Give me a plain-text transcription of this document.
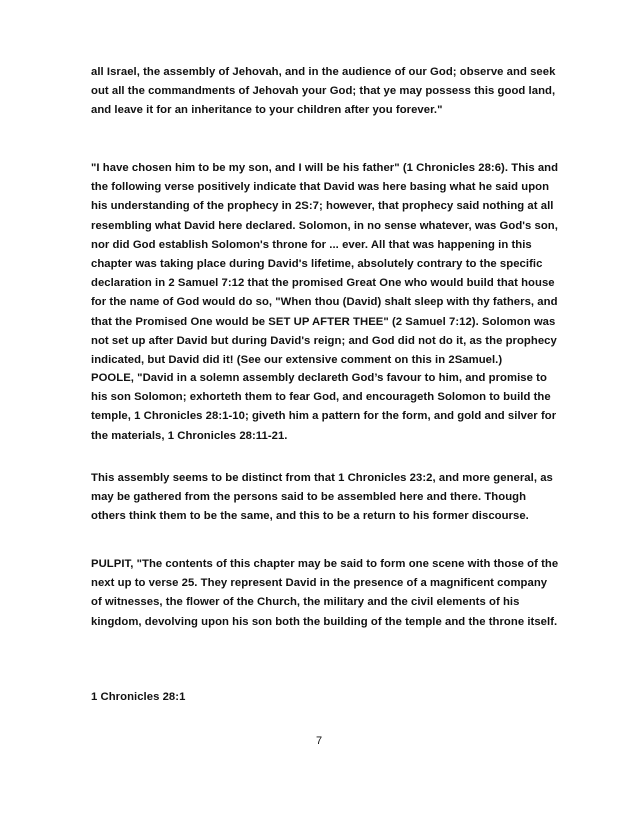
all Israel, the assembly of Jehovah, and in the audience of our God; observe and seek out all the commandments of Jehovah your God; that ye may possess this good land, and leave it for an inheritance to your children after you forever."

"I have chosen him to be my son, and I will be his father" (1 Chronicles 28:6). This and the following verse positively indicate that David was here basing what he said upon his understanding of the prophecy in 2S:7; however, that prophecy said nothing at all resembling what David here declared. Solomon, in no sense whatever, was God's son, nor did God establish Solomon's throne for ... ever. All that was happening in this chapter was taking place during David's lifetime, absolutely contrary to the specific declaration in 2 Samuel 7:12 that the promised Great One who would build that house for the name of God would do so, "When thou (David) shalt sleep with thy fathers, and that the Promised One would be SET UP AFTER THEE" (2 Samuel 7:12). Solomon was not set up after David but during David's reign; and God did not do it, as the prophecy indicated, but David did it! (See our extensive comment on this in 2Samuel.)

POOLE, "David in a solemn assembly declareth God’s favour to him, and promise to his son Solomon; exhorteth them to fear God, and encourageth Solomon to build the temple, 1 Chronicles 28:1-10; giveth him a pattern for the form, and gold and silver for the materials, 1 Chronicles 28:11-21.

This assembly seems to be distinct from that 1 Chronicles 23:2, and more general, as may be gathered from the persons said to be assembled here and there. Though others think them to be the same, and this to be a return to his former discourse.

PULPIT, "The contents of this chapter may be said to form one scene with those of the next up to verse 25. They represent David in the presence of a magnificent company of witnesses, the flower of the Church, the military and the civil elements of his kingdom, devolving upon his son both the building of the temple and the throne itself.

1 Chronicles 28:1

7
